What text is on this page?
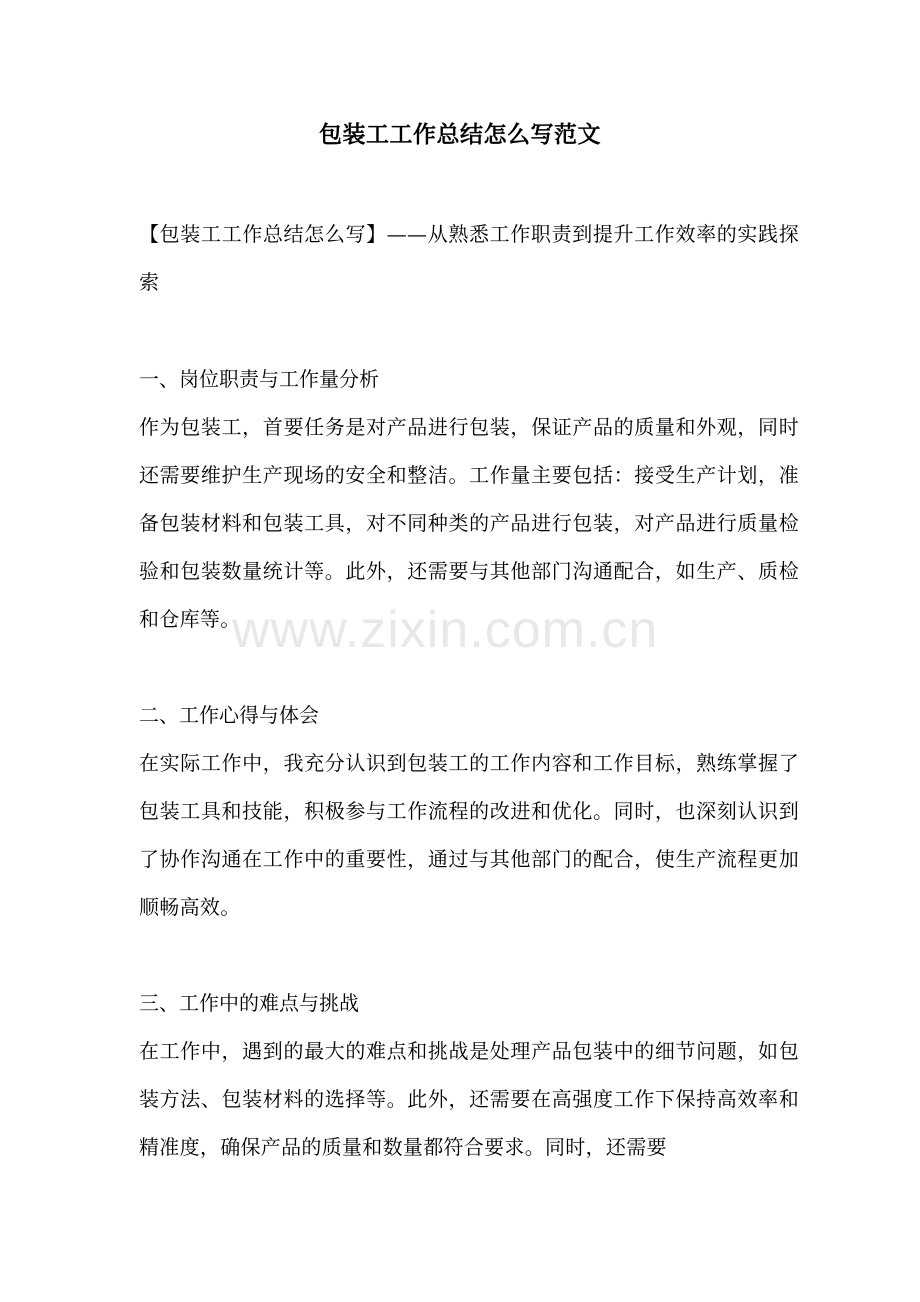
包装工工作总结怎么写范文
【包装工工作总结怎么写】——从熟悉工作职责到提升工作效率的实践探索
一、岗位职责与工作量分析
作为包装工，首要任务是对产品进行包装，保证产品的质量和外观，同时还需要维护生产现场的安全和整洁。工作量主要包括：接受生产计划，准备包装材料和包装工具，对不同种类的产品进行包装，对产品进行质量检验和包装数量统计等。此外，还需要与其他部门沟通配合，如生产、质检和仓库等。
二、工作心得与体会
在实际工作中，我充分认识到包装工的工作内容和工作目标，熟练掌握了包装工具和技能，积极参与工作流程的改进和优化。同时，也深刻认识到了协作沟通在工作中的重要性，通过与其他部门的配合，使生产流程更加顺畅高效。
三、工作中的难点与挑战
在工作中，遇到的最大的难点和挑战是处理产品包装中的细节问题，如包装方法、包装材料的选择等。此外，还需要在高强度工作下保持高效率和精准度，确保产品的质量和数量都符合要求。同时，还需要
www.zixin.com.cn
